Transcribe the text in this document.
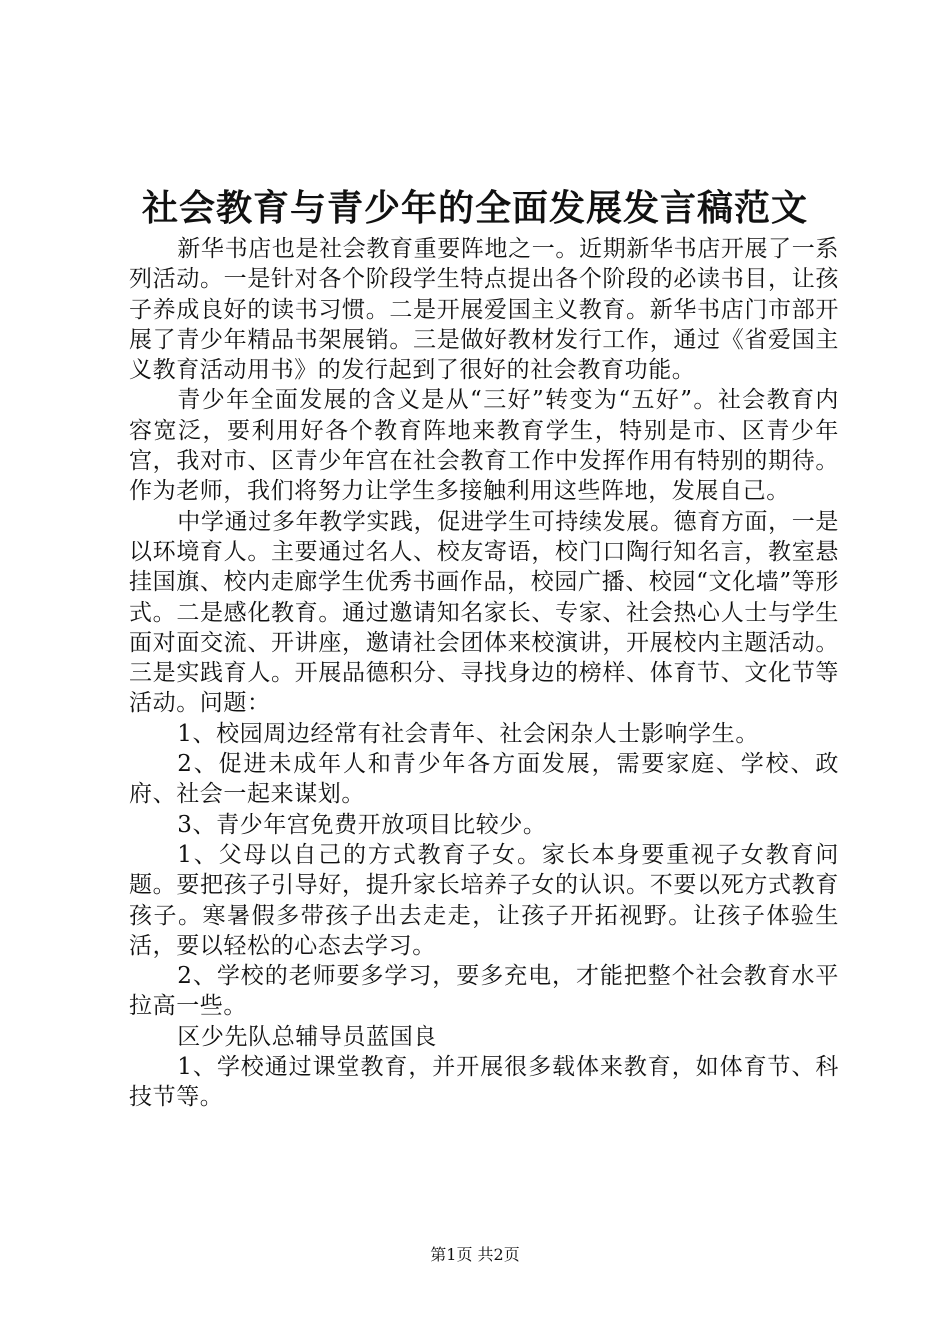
社会教育与青少年的全面发展发言稿范文

新华书店也是社会教育重要阵地之一。近期新华书店开展了一系列活动。一是针对各个阶段学生特点提出各个阶段的必读书目，让孩子养成良好的读书习惯。二是开展爱国主义教育。新华书店门市部开展了青少年精品书架展销。三是做好教材发行工作，通过《省爱国主义教育活动用书》的发行起到了很好的社会教育功能。

青少年全面发展的含义是从“三好”转变为“五好”。社会教育内容宽泛，要利用好各个教育阵地来教育学生，特别是市、区青少年宫，我对市、区青少年宫在社会教育工作中发挥作用有特别的期待。作为老师，我们将努力让学生多接触利用这些阵地，发展自己。

中学通过多年教学实践，促进学生可持续发展。德育方面，一是以环境育人。主要通过名人、校友寄语，校门口陶行知名言，教室悬挂国旗、校内走廊学生优秀书画作品，校园广播、校园“文化墙”等形式。二是感化教育。通过邀请知名家长、专家、社会热心人士与学生面对面交流、开讲座，邀请社会团体来校演讲，开展校内主题活动。三是实践育人。开展品德积分、寻找身边的榜样、体育节、文化节等活动。问题：

1、校园周边经常有社会青年、社会闲杂人士影响学生。

2、促进未成年人和青少年各方面发展，需要家庭、学校、政府、社会一起来谋划。

3、青少年宫免费开放项目比较少。

1、父母以自己的方式教育子女。家长本身要重视子女教育问题。要把孩子引导好，提升家长培养子女的认识。不要以死方式教育孩子。寒暑假多带孩子出去走走，让孩子开拓视野。让孩子体验生活，要以轻松的心态去学习。

2、学校的老师要多学习，要多充电，才能把整个社会教育水平拉高一些。

区少先队总辅导员蓝国良

1、学校通过课堂教育，并开展很多载体来教育，如体育节、科技节等。

第1页 共2页
